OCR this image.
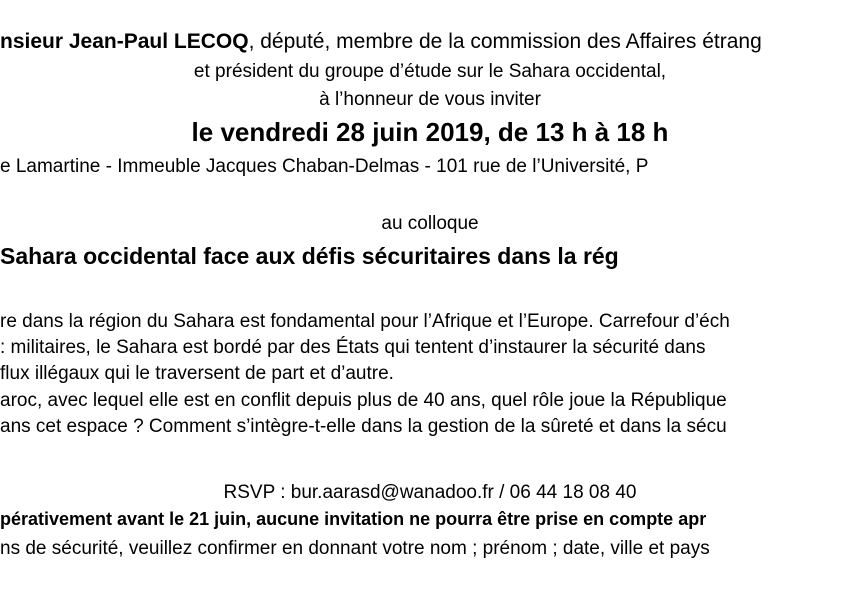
nsieur Jean-Paul LECOQ, député, membre de la commission des Affaires étrang
et président du groupe d’étude sur le Sahara occidental,
à l’honneur de vous inviter
le vendredi 28 juin 2019, de 13 h à 18 h
e Lamartine - Immeuble Jacques Chaban-Delmas - 101 rue de l’Université, P
au colloque
Sahara occidental face aux défis sécuritaires dans la rég
re dans la région du Sahara est fondamental pour l’Afrique et l’Europe. Carrefour d’éch
: militaires, le Sahara est bordé par des États qui tentent d’instaurer la sécurité dans
flux illégaux qui le traversent de part et d’autre.
aroc, avec lequel elle est en conflit depuis plus de 40 ans, quel rôle joue la République
ans cet espace ? Comment s’intègre-t-elle dans la gestion de la sûreté et dans la sécu
RSVP : bur.aarasd@wanadoo.fr / 06 44 18 08 40
pérativement avant le 21 juin, aucune invitation ne pourra être prise en compte apr
ns de sécurité, veuillez confirmer en donnant votre nom ; prénom ; date, ville et pays
